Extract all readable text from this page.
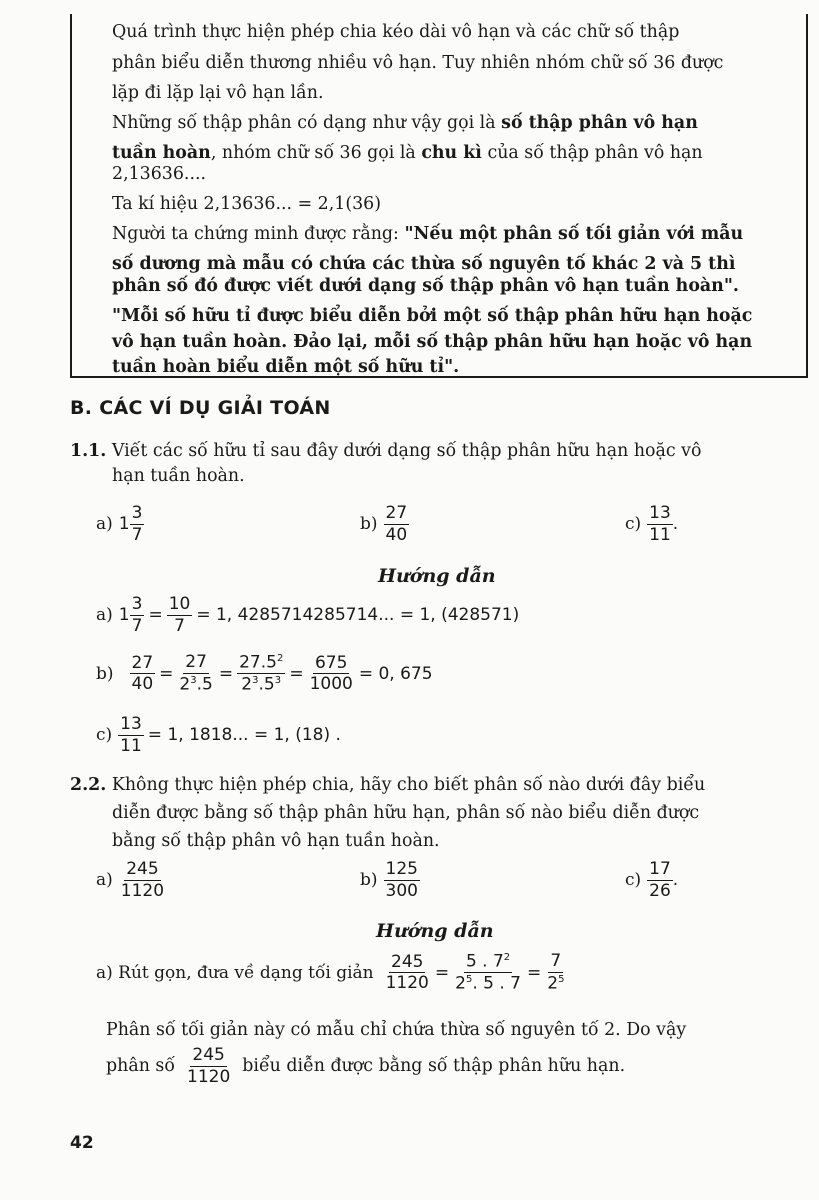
Quá trình thực hiện phép chia kéo dài vô hạn và các chữ số thập
phân biểu diễn thương nhiều vô hạn. Tuy nhiên nhóm chữ số 36 được
lặp đi lặp lại vô hạn lần.
Những số thập phân có dạng như vậy gọi là số thập phân vô hạn
tuần hoàn, nhóm chữ số 36 gọi là chu kì của số thập phân vô hạn
2,13636....
Ta kí hiệu 2,13636... = 2,1(36)
Người ta chứng minh được rằng: "Nếu một phân số tối giản với mẫu
số dương mà mẫu có chứa các thừa số nguyên tố khác 2 và 5 thì
phân số đó được viết dưới dạng số thập phân vô hạn tuần hoàn".
"Mỗi số hữu tỉ được biểu diễn bởi một số thập phân hữu hạn hoặc
vô hạn tuần hoàn. Đảo lại, mỗi số thập phân hữu hạn hoặc vô hạn
tuần hoàn biểu diễn một số hữu tỉ".
B. CÁC VÍ DỤ GIẢI TOÁN
1.1. Viết các số hữu tỉ sau đây dưới dạng số thập phân hữu hạn hoặc vô
hạn tuần hoàn.
a) $1 \frac{3}{7}$	$b) \frac{27}{40}$	$c) \frac{13}{11}$ .
Hướng dẫn
a) $1 \frac{3}{7} = \frac{10}{7} = 1$, 4285714285714... = 1, (428571)
$b) \frac{27}{40} = \frac{27}{2^3.5} = \frac{27.5^2}{2^3.5^3} = \frac{675}{1000} = 0$, 675
$c) \frac{13}{11} = 1$, 1818... = 1, (18) .
2.2. Không thực hiện phép chia, hãy cho biết phân số nào dưới đây biểu
diễn được bằng số thập phân hữu hạn, phân số nào biểu diễn được
bằng số thập phân vô hạn tuần hoàn.
$a) \frac{245}{1120}$	$b) \frac{125}{300}$	$c) \frac{17}{26}$ .
Hướng dẫn
a) Rút gọn, đưa về dạng tối giản $\frac{245}{1120} = \frac{5 . 7^2}{2^5. 5 . 7} = \frac{7}{2^5}$
Phân số tối giản này có mẫu chỉ chứa thừa số nguyên tố 2. Do vậy
phân số $\frac{245}{1120}$ biểu diễn được bằng số thập phân hữu hạn.
42
